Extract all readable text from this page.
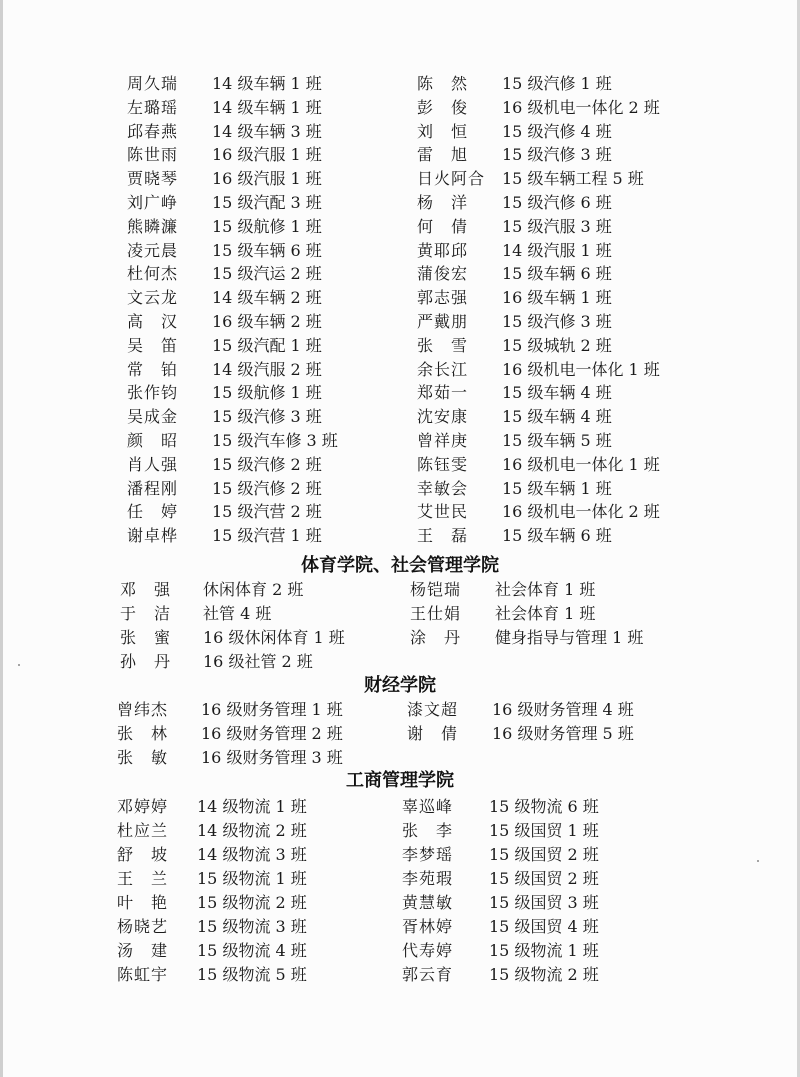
周久瑞	14 级车辆 1 班	陈　然	15 级汽修 1 班
左璐瑶	14 级车辆 1 班	彭　俊	16 级机电一体化 2 班
邱春燕	14 级车辆 3 班	刘　恒	15 级汽修 4 班
陈世雨	16 级汽服 1 班	雷　旭	15 级汽修 3 班
贾晓琴	16 级汽服 1 班	日火阿合	15 级车辆工程 5 班
刘广峥	15 级汽配 3 班	杨　洋	15 级汽修 6 班
熊瞵濂	15 级航修 1 班	何　倩	15 级汽服 3 班
凌元晨	15 级车辆 6 班	黄耶邱	14 级汽服 1 班
杜何杰	15 级汽运 2 班	蒲俊宏	15 级车辆 6 班
文云龙	14 级车辆 2 班	郭志强	16 级车辆 1 班
高　汉	16 级车辆 2 班	严戴朋	15 级汽修 3 班
吴　笛	15 级汽配 1 班	张　雪	15 级城轨 2 班
常　铂	14 级汽服 2 班	余长江	16 级机电一体化 1 班
张作钧	15 级航修 1 班	郑茹一	15 级车辆 4 班
吴成金	15 级汽修 3 班	沈安康	15 级车辆 4 班
颜　昭	15 级汽车修 3 班	曾祥庚	15 级车辆 5 班
肖人强	15 级汽修 2 班	陈钰雯	16 级机电一体化 1 班
潘程刚	15 级汽修 2 班	幸敏会	15 级车辆 1 班
任　婷	15 级汽营 2 班	艾世民	16 级机电一体化 2 班
谢卓桦	15 级汽营 1 班	王　磊	15 级车辆 6 班
体育学院、社会管理学院
邓　强	休闲体育 2 班	杨铠瑞	社会体育 1 班
于　洁	社管 4 班	王仕娟	社会体育 1 班
张　蜜	16 级休闲体育 1 班	涂　丹	健身指导与管理 1 班
孙　丹	16 级社管 2 班
财经学院
曾纬杰	16 级财务管理 1 班	漆文超	16 级财务管理 4 班
张　林	16 级财务管理 2 班	谢　倩	16 级财务管理 5 班
张　敏	16 级财务管理 3 班
工商管理学院
邓婷婷	14 级物流 1 班	辜巡峰	15 级物流 6 班
杜应兰	14 级物流 2 班	张　李	15 级国贸 1 班
舒　坡	14 级物流 3 班	李梦瑶	15 级国贸 2 班
王　兰	15 级物流 1 班	李苑瑕	15 级国贸 2 班
叶　艳	15 级物流 2 班	黄慧敏	15 级国贸 3 班
杨晓艺	15 级物流 3 班	胥林婷	15 级国贸 4 班
汤　建	15 级物流 4 班	代寿婷	15 级物流 1 班
陈虹宇	15 级物流 5 班	郭云育	15 级物流 2 班
